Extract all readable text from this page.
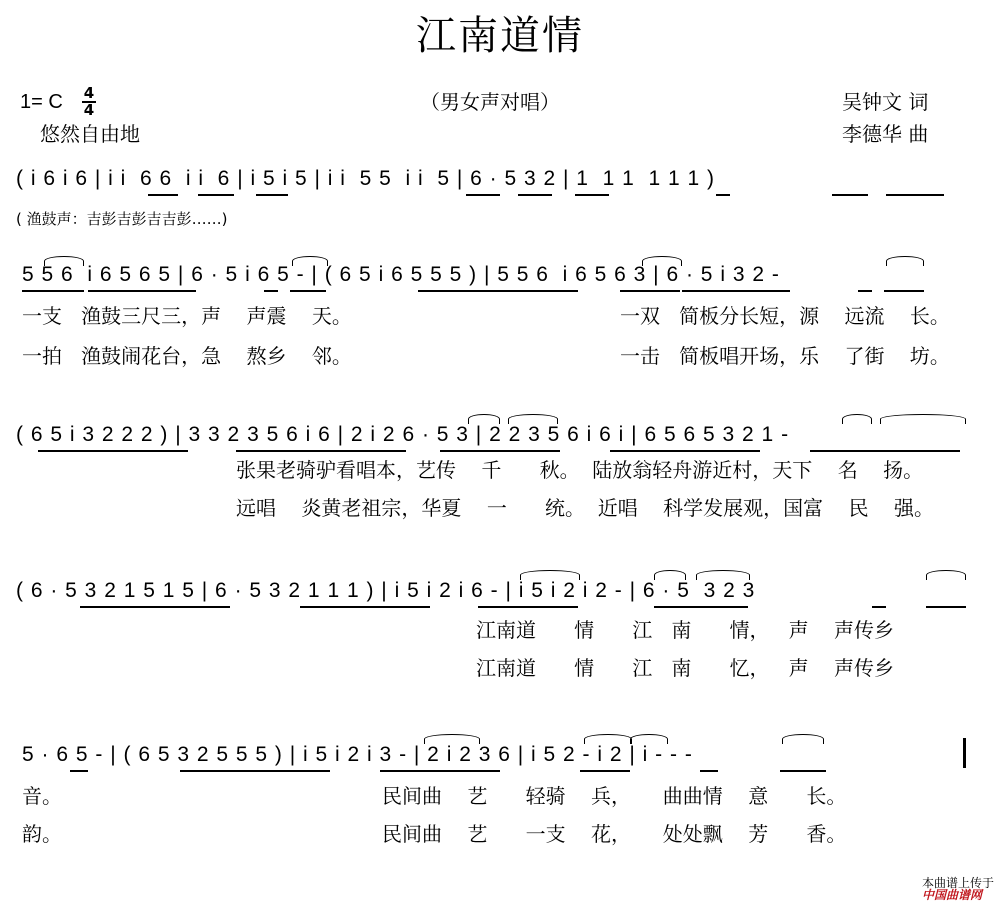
江南道情
1= C $\frac{4}{4}$	（男女声对唱）	吴钟文 词
悠然自由地	李德华 曲
( i 6 i 6 | i i  6 6  i i  6 | i 5 i 5 | i i  5 5  i i  5 | 6 · 5 3 2 | 1  1 1  1 1 1 )
( 渔鼓声：吉彭吉彭吉吉彭……)
5 5 6  i 6 5 6 5 | 6 · 5 i 6 5 - | ( 6 5 i 6 5 5 5 ) | 5 5 6  i 6 5 6 3 | 6 · 5 i 3 2 -
一支   渔鼓三尺三，声    声震    天。	一双   简板分长短，源    远流    长。
一拍   渔鼓闹花台，急    熬乡    邻。	一击   简板唱开场，乐    了街    坊。
( 6 5 i 3 2 2 2 ) | 3 3 2 3 5 6 i 6 | 2 i 2 6 · 5 3 | 2 2 3 5 6 i 6 i | 6 5 6 5 3 2 1 -
张果老骑驴看唱本，艺传    千      秋。  陆放翁轻舟游近村，天下    名    扬。
远唱    炎黄老祖宗，华夏    一      统。  近唱    科学发展观，国富    民    强。
( 6 · 5 3 2 1 5 1 5 | 6 · 5 3 2 1 1 1 ) | i 5 i 2 i 6 - | i 5 i 2 i 2 - | 6 · 5  3 2 3
江南道      情      江   南      情，   声    声传乡
江南道      情      江   南      忆，   声    声传乡
5 · 6 5 - | ( 6 5 3 2 5 5 5 ) | i 5 i 2 i 3 - | 2 i 2 3 6 | i 5 2 - i 2 | i - - -
音。	民间曲    艺      轻骑    兵，     曲曲情    意      长。
韵。	民间曲    艺      一支    花，     处处飘    芳      香。

本曲谱上传于
中国曲谱网
